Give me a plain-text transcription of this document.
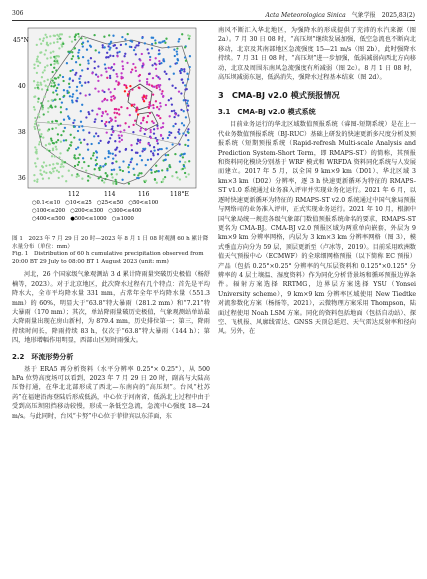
306	Acta Meteorologica Sinica 气象学报 2025,83(2)
45°N
40
38
36
112	114	116	118°E
○0.1<≤10　○10<≤25　○25<≤50　○50<≤100
○100<≤200　○200<≤300　○300<≤400
○400<≤500　●500<≤1000　○≥1000
图 1　2023 年 7 月 29 日 20 时—2023 年 8 月 1 日 08 时观测 60 h 累计降水量分布（单位：mm）
Fig. 1　Distribution of 60 h cumulative precipitation observed from 20:00 BT 29 July to 08:00 BT 1 August 2023 (unit: mm)

河北，26 个国家级气象观测站 3 d 累计降雨量突破历史极值（杨舒楠等，2023）。对于北京地区，此次降水过程有几个特点：首先是平均降水大，全市平均降水量 331 mm，占常年全年平均降水量（551.3 mm）的 60%，明显大于“63.8”特大暴雨（281.2 mm）和“7.21”特大暴雨（170 mm）；其次，单站降雨量破历史极值，气象观测站单站最大降雨量出现在房山新村，为 879.4 mm，历史排位第一；第三，降雨持续时间长，降雨持续 83 h，仅次于“63.8”特大暴雨（144 h）；第四，地形增幅作用明显，西部山区短时雨强大。

2.2　环流形势分析

基于 ERA5 再分析资料（水平分辨率 0.25°× 0.25°），从 500 hPa 位势高度场可以看到，2023 年 7 月 29 日 20 时，副高与大陆高压脊打通，在华北北部形成了西北—东南向的“高压坝”。台风“杜苏芮”在福建沿海登陆后形成低涡，中心位于河南省，低涡北上过程中由于受到高压坝阻挡移动较慢，形成一条低空急流，急流中心强度 18—24 m/s。与此同时，台风“卡努”中心位于菲律宾以东洋面，东

南风不断汇入华北地区，为强降水的形成提供了充沛的水汽来源（图 2a）。7 月 30 日 08 时，“高压坝”继续发展加强，低空急流也不断向北移动，北京及其南部地区急流强度 15—21 m/s（图 2b），此时强降水持续。7 月 31 日 08 时，“高压坝”进一步加强，低涡减弱向西北方向移动，北京及周围东南风急流强度有所减弱（图 2c）。8 月 1 日 08 时，高压坝减弱东退，低涡消失，强降水过程基本结束（图 2d）。

3　CMA-BJ v2.0 模式预报情况
3.1　CMA-BJ v2.0 模式系统

目前业务运行的华北区域数值预报系统（睿图-短期系统）是在上一代业务数值预报系统（BJ-RUC）基础上研发的快速更新多尺度分析及预报系统（短期预报系统（Rapid-refresh Multi-scale Analysis and Prediction System-Short Term，即 RMAPS-ST）的简称，其预报和资料同化模块分别基于 WRF 模式和 WRFDA 资料同化系统与人发展而建立。2017 年 5 月，以全国 9 km×9 km（D01）、华北区域 3 km×3 km（D02）分辨率，逐 3 h 快速更新循环为特征的 RMAPS-ST v1.0 系统通过业务准入评审并实现业务化运行。2021 年 6 月，以逐时快速更新循环为特征的 RMAPS-ST v2.0 系统通过中国气象局预报与网络司的业务准入评审，正式实现业务运行。2021 年 10 月，根据中国气象局统一规范各级气象部门数值预报系统命名的要求，RMAPS-ST 更名为 CMA-BJ。CMA-BJ v2.0 预报区域为两重单向嵌套，外层为 9 km×9 km 分辨率网格，内层为 3 km×3 km 分辨率网格（图 3），模式垂直方向分为 59 层，顶层更新至（卢冰等，2019）。目前采用欧洲数值天气预报中心（ECMWF）的全球细网格预报（以下简称 EC 预报）产品（包括 0.25°×0.25° 分辨率的气压层资料和 0.125°×0.125° 分辨率的 4 层土壤温、湿度资料）作为同化分析背景场和循环预报边界条件。辐射方案选择 RRTMG，边界层方案选择 YSU（Yonsei University scheme），9 km×9 km 分辨率区域使用 New Tiedtke 对流参数化方案（杨扬等，2021），云微物理方案采用 Thompson，陆面过程使用 Noah LSM 方案。同化的资料包括地面（包括自动站）、探空、飞机报、风廓线雷达、GNSS 天顶总延迟、天气雷达反射率和径向风。另外，在
